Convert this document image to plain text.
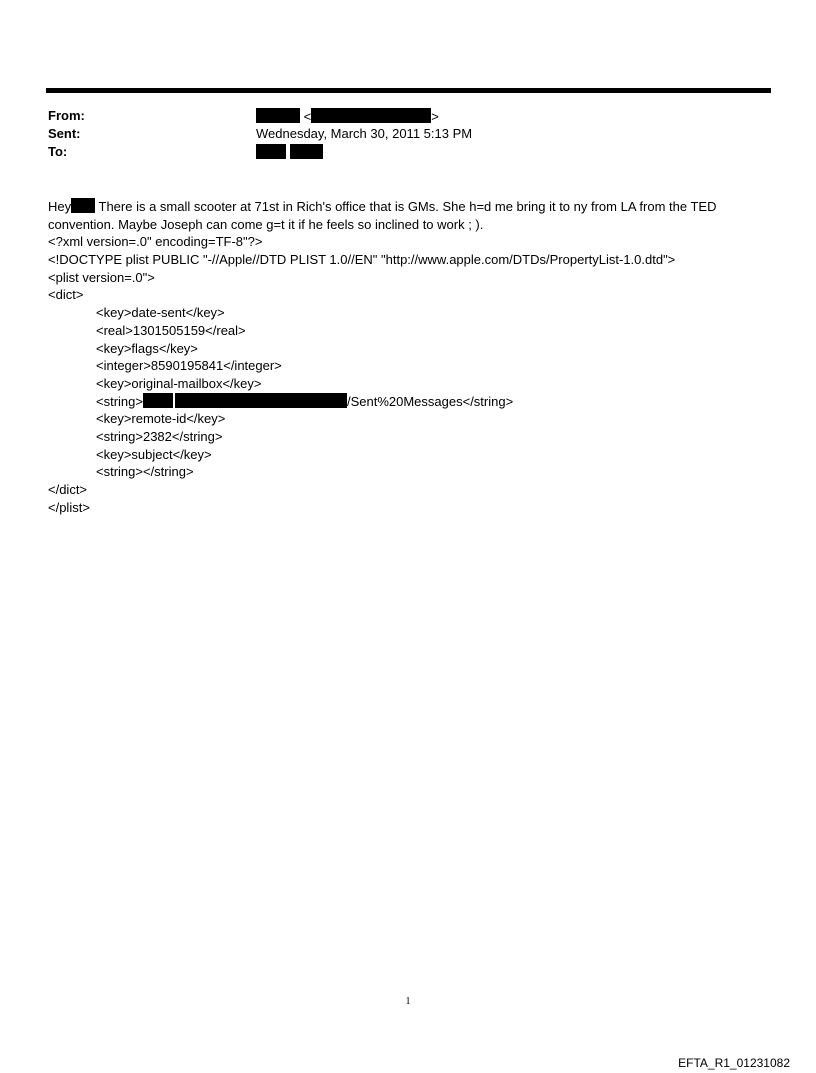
From:
Sent:
To:
<	>
Wednesday, March 30, 2011 5:13 PM

Hey There is a small scooter at 71st in Rich's office that is GMs. She h=d me bring it to ny from LA from the TED
convention. Maybe Joseph can come g=t it if he feels so inclined to work ; ).
<?xml version=.0" encoding=TF-8"?>
<!DOCTYPE plist PUBLIC "-//Apple//DTD PLIST 1.0//EN" "http://www.apple.com/DTDs/PropertyList-1.0.dtd">
<plist version=.0">
<dict>
<key>date-sent</key>
<real>1301505159</real>
<key>flags</key>
<integer>8590195841</integer>
<key>original-mailbox</key>
<string>	/Sent%20Messages</string>
<key>remote-id</key>
<string>2382</string>
<key>subject</key>
<string></string>
</dict>
</plist>
1
EFTA_R1_01231082
